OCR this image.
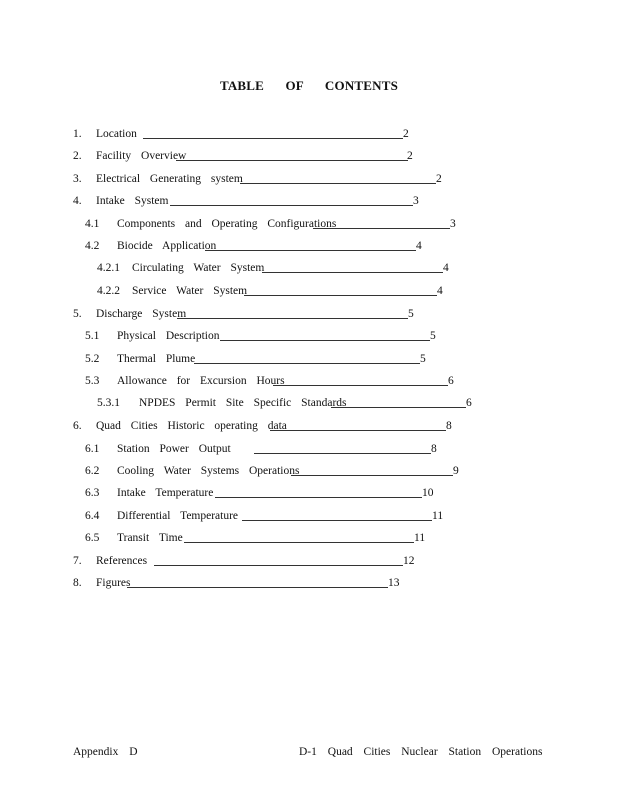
TABLE OF CONTENTS
1. Location	2
2. Facility Overview	2
3. Electrical Generating system	2
4. Intake System	3
4.1 Components and Operating Configurations	3
4.2 Biocide Application	4
4.2.1 Circulating Water System	4
4.2.2 Service Water System	4
5. Discharge System	5
5.1 Physical Description	5
5.2 Thermal Plume	5
5.3 Allowance for Excursion Hours	6
5.3.1 NPDES Permit Site Specific Standards	6
6. Quad Cities Historic operating data	8
6.1 Station Power Output	8
6.2 Cooling Water Systems Operations	9
6.3 Intake Temperature	10
6.4 Differential Temperature	11
6.5 Transit Time	11
7. References	12
8. Figures	13
Appendix D	D-1 Quad Cities Nuclear Station Operations
